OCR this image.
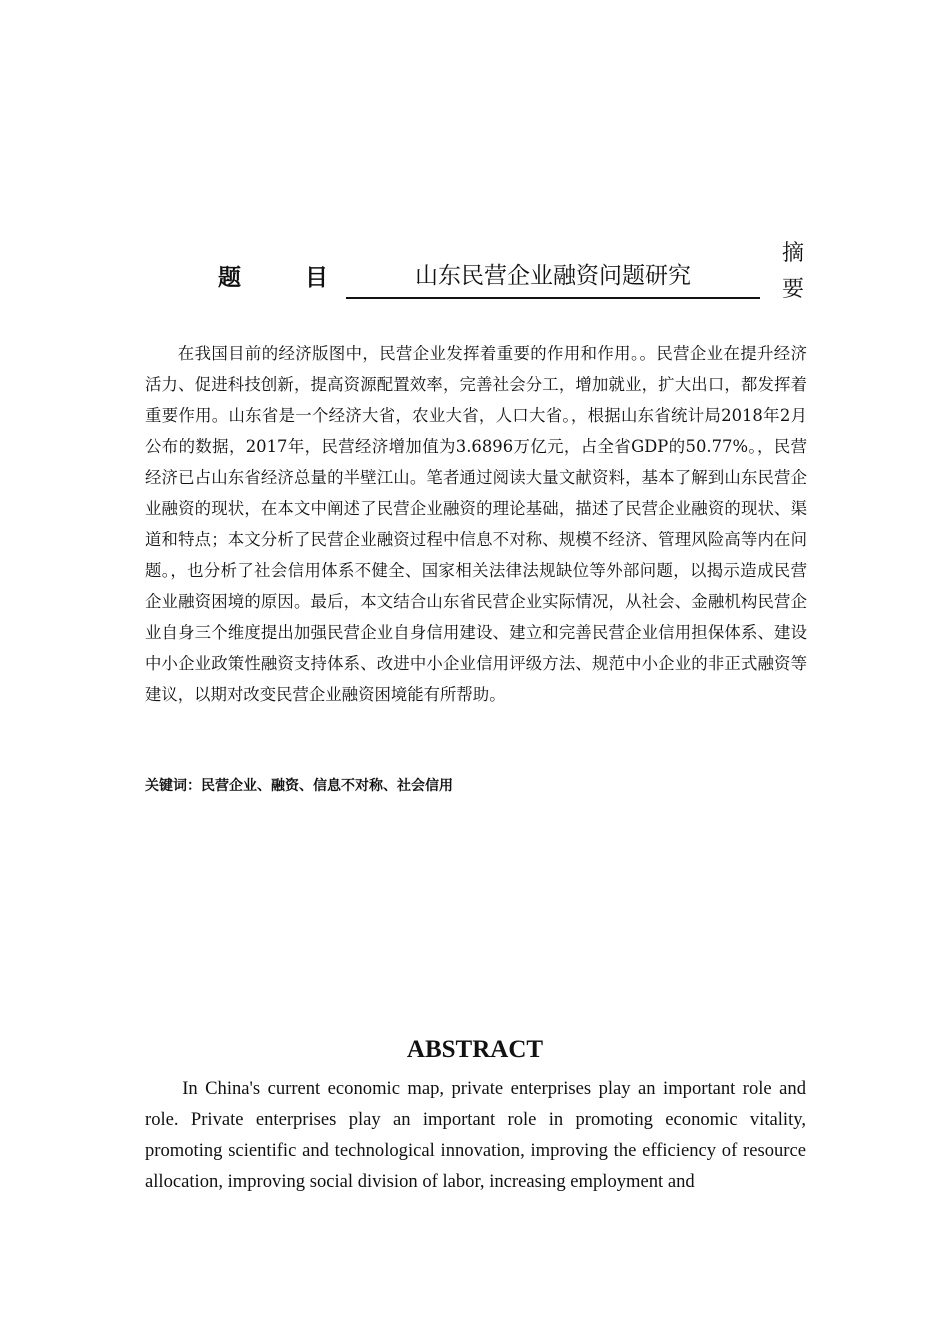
题 目	山东民营企业融资问题研究
摘
要

在我国目前的经济版图中，民营企业发挥着重要的作用和作用。。民营企业在提升经济活力、促进科技创新，提高资源配置效率，完善社会分工，增加就业，扩大出口，都发挥着重要作用。山东省是一个经济大省，农业大省，人口大省。，根据山东省统计局2018年2月公布的数据，2017年，民营经济增加值为3.6896万亿元，占全省GDP的50.77%。，民营经济已占山东省经济总量的半壁江山。笔者通过阅读大量文献资料，基本了解到山东民营企业融资的现状，在本文中阐述了民营企业融资的理论基础，描述了民营企业融资的现状、渠道和特点；本文分析了民营企业融资过程中信息不对称、规模不经济、管理风险高等内在问题。，也分析了社会信用体系不健全、国家相关法律法规缺位等外部问题，以揭示造成民营企业融资困境的原因。最后，本文结合山东省民营企业实际情况，从社会、金融机构民营企业自身三个维度提出加强民营企业自身信用建设、建立和完善民营企业信用担保体系、建设中小企业政策性融资支持体系、改进中小企业信用评级方法、规范中小企业的非正式融资等建议，以期对改变民营企业融资困境能有所帮助。

关键词：民营企业、融资、信息不对称、社会信用
ABSTRACT

In China's current economic map, private enterprises play an important role and role. Private enterprises play an important role in promoting economic vitality, promoting scientific and technological innovation, improving the efficiency of resource allocation, improving social division of labor, increasing employment and
